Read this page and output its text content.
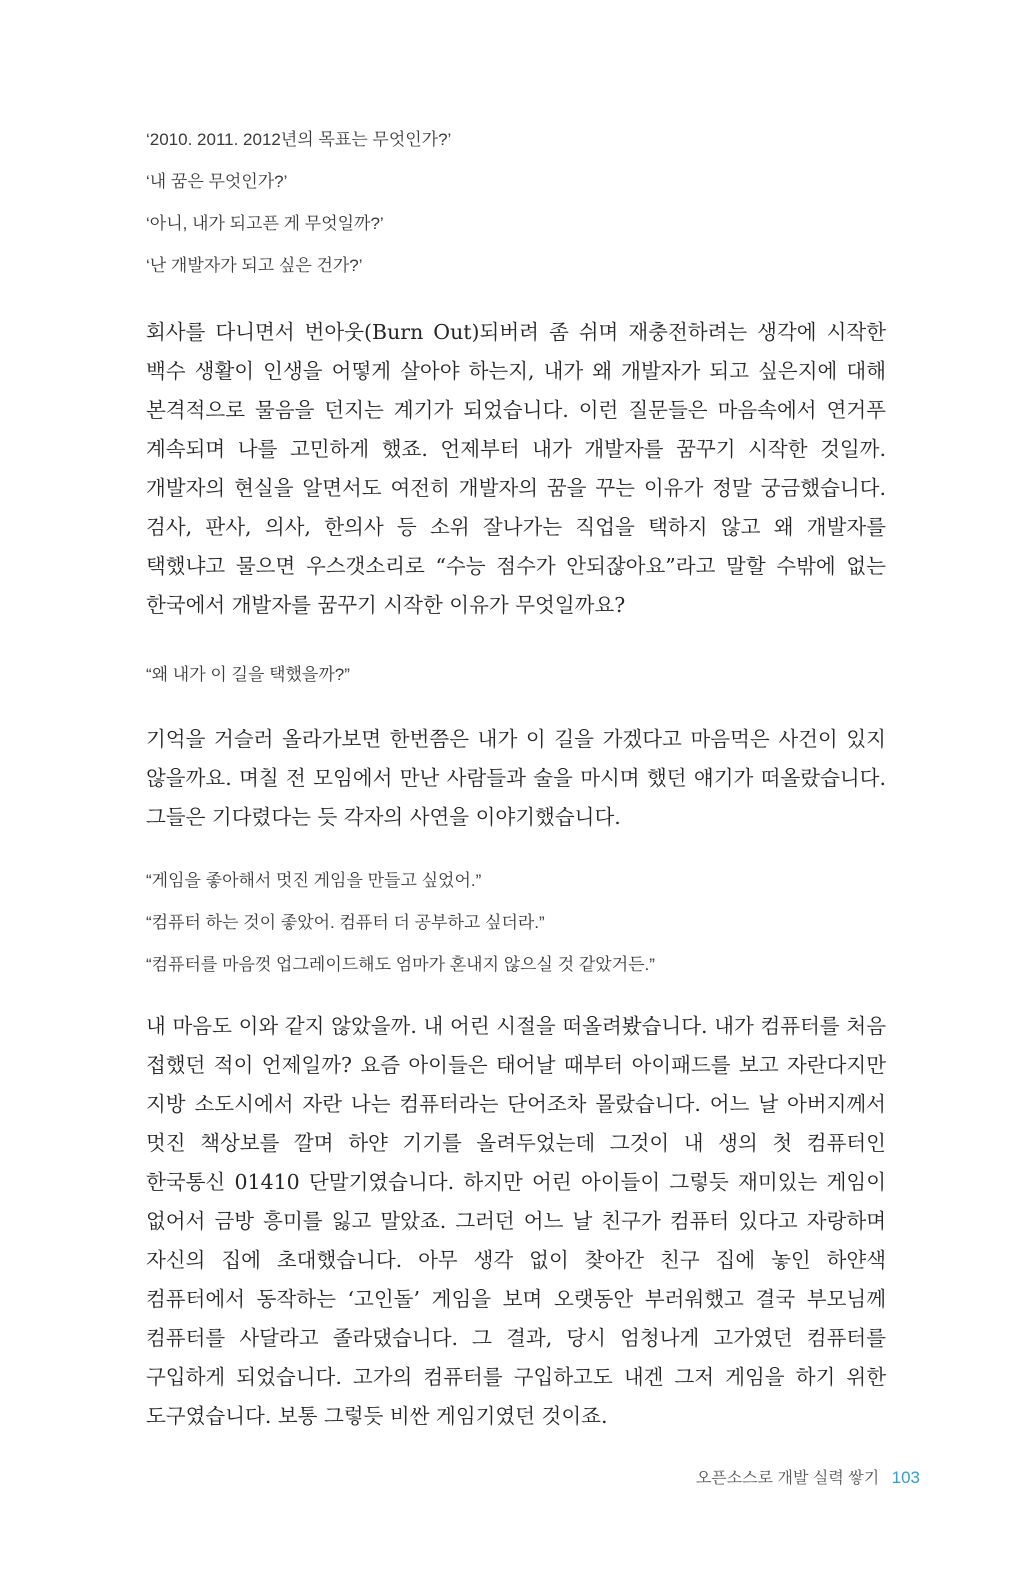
‘2010. 2011. 2012년의 목표는 무엇인가?’
‘내 꿈은 무엇인가?’
‘아니, 내가 되고픈 게 무엇일까?’
‘난 개발자가 되고 싶은 건가?’

회사를 다니면서 번아웃(Burn Out)되버려 좀 쉬며 재충전하려는 생각에 시작한 백수 생활이 인생을 어떻게 살아야 하는지, 내가 왜 개발자가 되고 싶은지에 대해 본격적으로 물음을 던지는 계기가 되었습니다. 이런 질문들은 마음속에서 연거푸 계속되며 나를 고민하게 했죠. 언제부터 내가 개발자를 꿈꾸기 시작한 것일까. 개발자의 현실을 알면서도 여전히 개발자의 꿈을 꾸는 이유가 정말 궁금했습니다. 검사, 판사, 의사, 한의사 등 소위 잘나가는 직업을 택하지 않고 왜 개발자를 택했냐고 물으면 우스갯소리로 “수능 점수가 안되잖아요”라고 말할 수밖에 없는 한국에서 개발자를 꿈꾸기 시작한 이유가 무엇일까요?

“왜 내가 이 길을 택했을까?”

기억을 거슬러 올라가보면 한번쯤은 내가 이 길을 가겠다고 마음먹은 사건이 있지 않을까요. 며칠 전 모임에서 만난 사람들과 술을 마시며 했던 얘기가 떠올랐습니다. 그들은 기다렸다는 듯 각자의 사연을 이야기했습니다.

“게임을 좋아해서 멋진 게임을 만들고 싶었어.”
“컴퓨터 하는 것이 좋았어. 컴퓨터 더 공부하고 싶더라.”
“컴퓨터를 마음껏 업그레이드해도 엄마가 혼내지 않으실 것 같았거든.”

내 마음도 이와 같지 않았을까. 내 어린 시절을 떠올려봤습니다. 내가 컴퓨터를 처음 접했던 적이 언제일까? 요즘 아이들은 태어날 때부터 아이패드를 보고 자란다지만 지방 소도시에서 자란 나는 컴퓨터라는 단어조차 몰랐습니다. 어느 날 아버지께서 멋진 책상보를 깔며 하얀 기기를 올려두었는데 그것이 내 생의 첫 컴퓨터인 한국통신 01410 단말기였습니다. 하지만 어린 아이들이 그렇듯 재미있는 게임이 없어서 금방 흥미를 잃고 말았죠. 그러던 어느 날 친구가 컴퓨터 있다고 자랑하며 자신의 집에 초대했습니다. 아무 생각 없이 찾아간 친구 집에 놓인 하얀색 컴퓨터에서 동작하는 ‘고인돌’ 게임을 보며 오랫동안 부러워했고 결국 부모님께 컴퓨터를 사달라고 졸라댔습니다. 그 결과, 당시 엄청나게 고가였던 컴퓨터를 구입하게 되었습니다. 고가의 컴퓨터를 구입하고도 내겐 그저 게임을 하기 위한 도구였습니다. 보통 그렇듯 비싼 게임기였던 것이죠.

오픈소스로 개발 실력 쌓기 103
